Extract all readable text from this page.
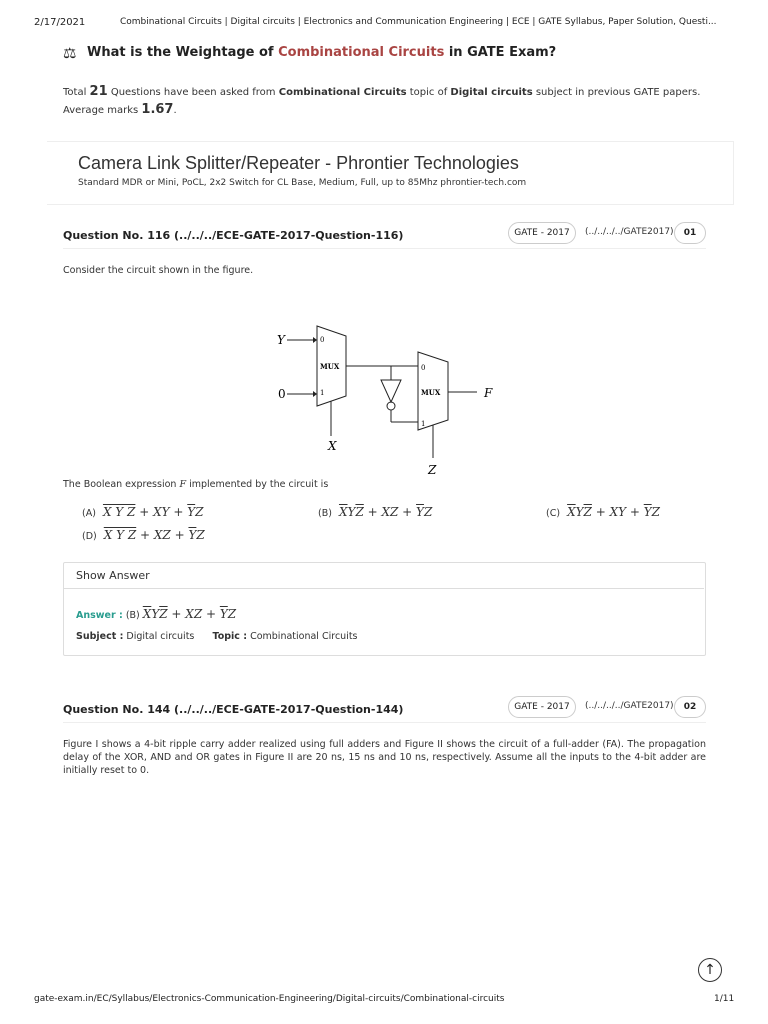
2/17/2021	Combinational Circuits | Digital circuits | Electronics and Communication Engineering | ECE | GATE Syllabus, Paper Solution, Questi...
⚖ What is the Weightage of Combinational Circuits in GATE Exam?
Total 21 Questions have been asked from Combinational Circuits topic of Digital circuits subject in previous GATE papers. Average marks 1.67.
Camera Link Splitter/Repeater - Phrontier Technologies
Standard MDR or Mini, PoCL, 2x2 Switch for CL Base, Medium, Full, up to 85Mhz phrontier-tech.com
Question No. 116 (../../../ECE-GATE-2017-Question-116)	GATE - 2017	(../../../../GATE2017)	01
Consider the circuit shown in the figure.
MUX
0
1
Y
0
X
MUX
0
1
Z
F
The Boolean expression F implemented by the circuit is
(A) X Y Z + XY + $\overline{Y}Z$	(B) $\overline{X}Y\overline{Z}$ + XZ + $\overline{Y}Z$	(C) $\overline{X}Y\overline{Z}$ + XY + $\overline{Y}Z$
(D) X Y Z + XZ + $\overline{Y}Z$
Show Answer
Answer : (B) $\overline{X}Y\overline{Z}$ + XZ + $\overline{Y}Z$
Subject : Digital circuits Topic : Combinational Circuits
Question No. 144 (../../../ECE-GATE-2017-Question-144)	GATE - 2017	(../../../../GATE2017)	02
Figure I shows a 4-bit ripple carry adder realized using full adders and Figure II shows the circuit of a full-adder (FA). The propagation delay of the XOR, AND and OR gates in Figure II are 20 ns, 15 ns and 10 ns, respectively. Assume all the inputs to the 4-bit adder are initially reset to 0.
↑
gate-exam.in/EC/Syllabus/Electronics-Communication-Engineering/Digital-circuits/Combinational-circuits	1/11
